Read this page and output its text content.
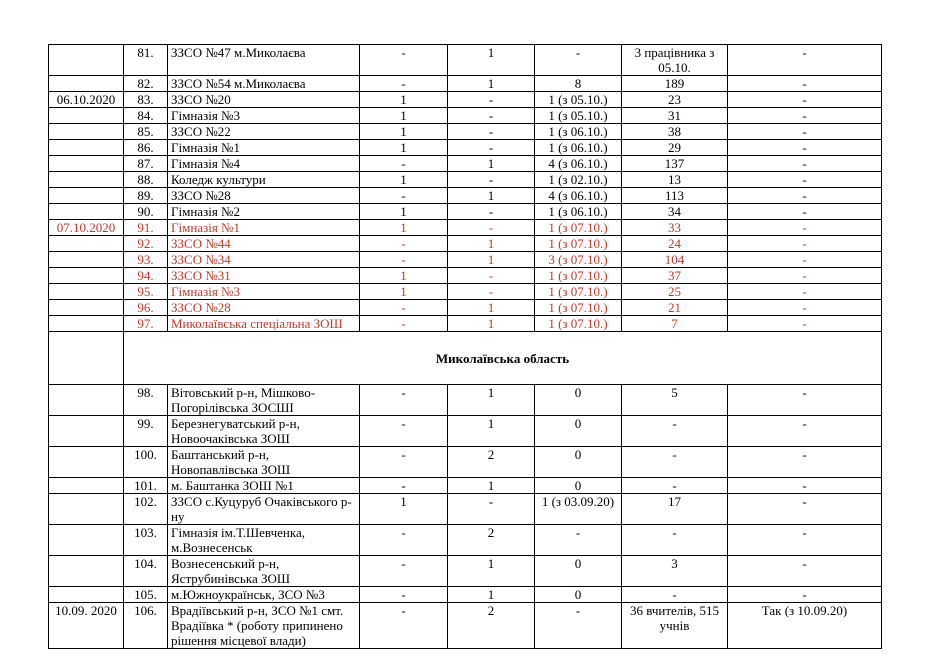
	81.	ЗЗСО №47 м.Миколаєва	-	1	-	3 працівника з 05.10.	-
	82.	ЗЗСО №54 м.Миколаєва	-	1	8	189	-
06.10.2020	83.	ЗЗСО №20	1	-	1 (з 05.10.)	23	-
	84.	Гімназія №3	1	-	1 (з 05.10.)	31	-
	85.	ЗЗСО №22	1	-	1 (з 06.10.)	38	-
	86.	Гімназія №1	1	-	1 (з 06.10.)	29	-
	87.	Гімназія №4	-	1	4 (з 06.10.)	137	-
	88.	Коледж культури	1	-	1 (з 02.10.)	13	-
	89.	ЗЗСО №28	-	1	4 (з 06.10.)	113	-
	90.	Гімназія №2	1	-	1 (з 06.10.)	34	-
07.10.2020	91.	Гімназія №1	1	-	1 (з 07.10.)	33	-
	92.	ЗЗСО №44	-	1	1 (з 07.10.)	24	-
	93.	ЗЗСО №34	-	1	3 (з 07.10.)	104	-
	94.	ЗЗСО №31	1	-	1 (з 07.10.)	37	-
	95.	Гімназія №3	1	-	1 (з 07.10.)	25	-
	96.	ЗЗСО №28	-	1	1 (з 07.10.)	21	-
	97.	Миколаївська спеціальна ЗОШ	-	1	1 (з 07.10.)	7	-
	Миколаївська область						
	98.	Вітовський р-н, Мішково-Погорілівська ЗОСШІ	-	1	0	5	-
	99.	Березнегуватський р-н, Новоочаківська ЗОШ	-	1	0	-	-
	100.	Баштанський р-н, Новопавлівська ЗОШ	-	2	0	-	-
	101.	м. Баштанка ЗОШ №1	-	1	0	-	-
	102.	ЗЗСО с.Куцуруб Очаківського р-ну	1	-	1 (з 03.09.20)	17	-
	103.	Гімназія ім.Т.Шевченка, м.Вознесенськ	-	2	-	-	-
	104.	Вознесенський р-н, Яструбинівська ЗОШ	-	1	0	3	-
	105.	м.Южноукраїнськ, ЗСО №3	-	1	0	-	-
10.09. 2020	106.	Врадіївський р-н, ЗСО №1 смт. Врадіївка * (роботу припинено рішення місцевої влади)	-	2	-	36 вчителів, 515 учнів	Так (з 10.09.20)
